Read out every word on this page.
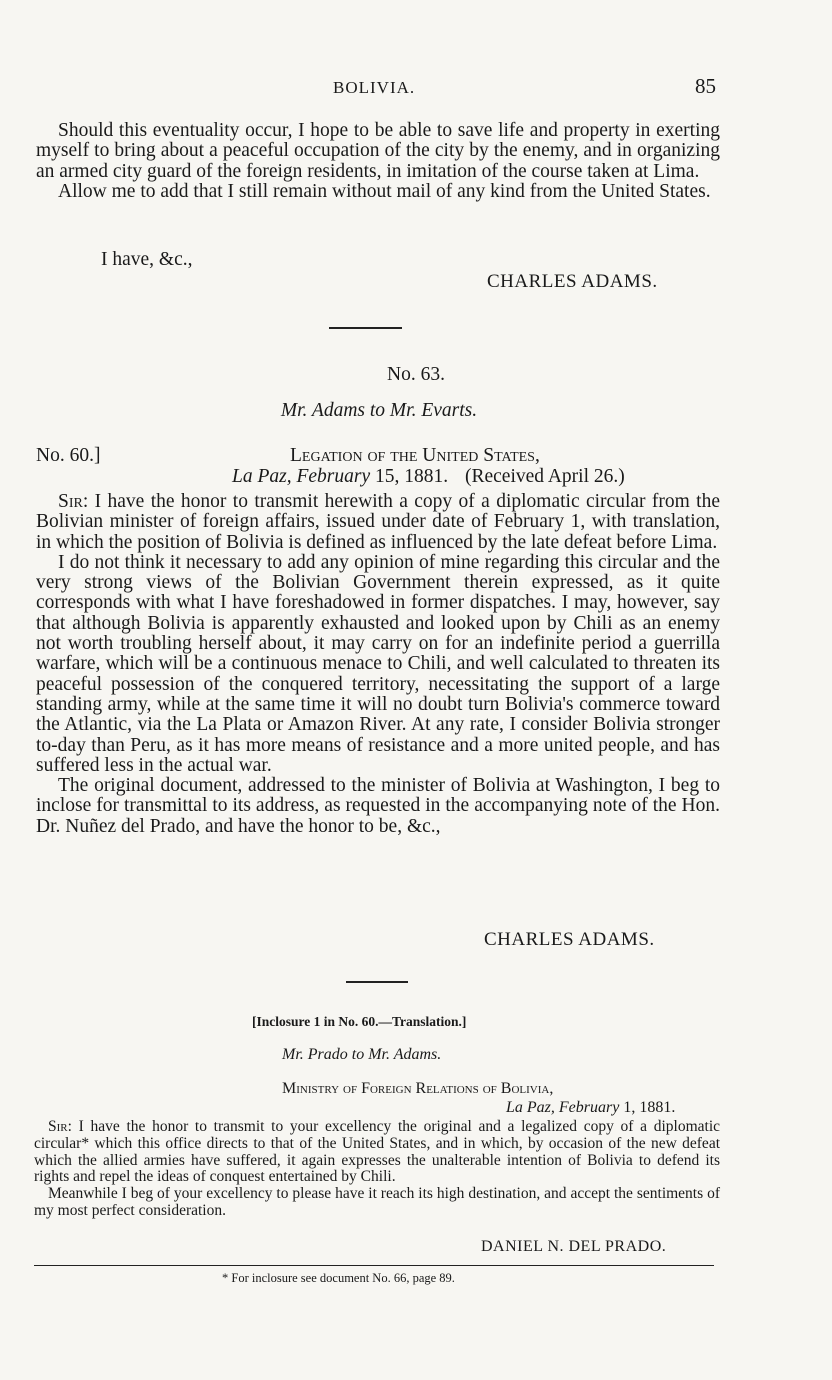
BOLIVIA.	85

Should this eventuality occur, I hope to be able to save life and property in exerting myself to bring about a peaceful occupation of the city by the enemy, and in organizing an armed city guard of the foreign residents, in imitation of the course taken at Lima.

Allow me to add that I still remain without mail of any kind from the United States.

I have, &c.,
CHARLES ADAMS.
No. 63.
Mr. Adams to Mr. Evarts.
No. 60.]	Legation of the United States,
La Paz, February 15, 1881. (Received April 26.)

Sir: I have the honor to transmit herewith a copy of a diplomatic circular from the Bolivian minister of foreign affairs, issued under date of February 1, with translation, in which the position of Bolivia is defined as influenced by the late defeat before Lima.

I do not think it necessary to add any opinion of mine regarding this circular and the very strong views of the Bolivian Government therein expressed, as it quite corresponds with what I have foreshadowed in former dispatches. I may, however, say that although Bolivia is apparently exhausted and looked upon by Chili as an enemy not worth troubling herself about, it may carry on for an indefinite period a guerrilla warfare, which will be a continuous menace to Chili, and well calculated to threaten its peaceful possession of the conquered territory, necessitating the support of a large standing army, while at the same time it will no doubt turn Bolivia's commerce toward the Atlantic, via the La Plata or Amazon River. At any rate, I consider Bolivia stronger to-day than Peru, as it has more means of resistance and a more united people, and has suffered less in the actual war.

The original document, addressed to the minister of Bolivia at Washington, I beg to inclose for transmittal to its address, as requested in the accompanying note of the Hon. Dr. Nuñez del Prado, and have the honor to be, &c.,

CHARLES ADAMS.
[Inclosure 1 in No. 60.—Translation.]
Mr. Prado to Mr. Adams.
Ministry of Foreign Relations of Bolivia,
La Paz, February 1, 1881.

Sir: I have the honor to transmit to your excellency the original and a legalized copy of a diplomatic circular* which this office directs to that of the United States, and in which, by occasion of the new defeat which the allied armies have suffered, it again expresses the unalterable intention of Bolivia to defend its rights and repel the ideas of conquest entertained by Chili.

Meanwhile I beg of your excellency to please have it reach its high destination, and accept the sentiments of my most perfect consideration.

DANIEL N. DEL PRADO.
* For inclosure see document No. 66, page 89.
